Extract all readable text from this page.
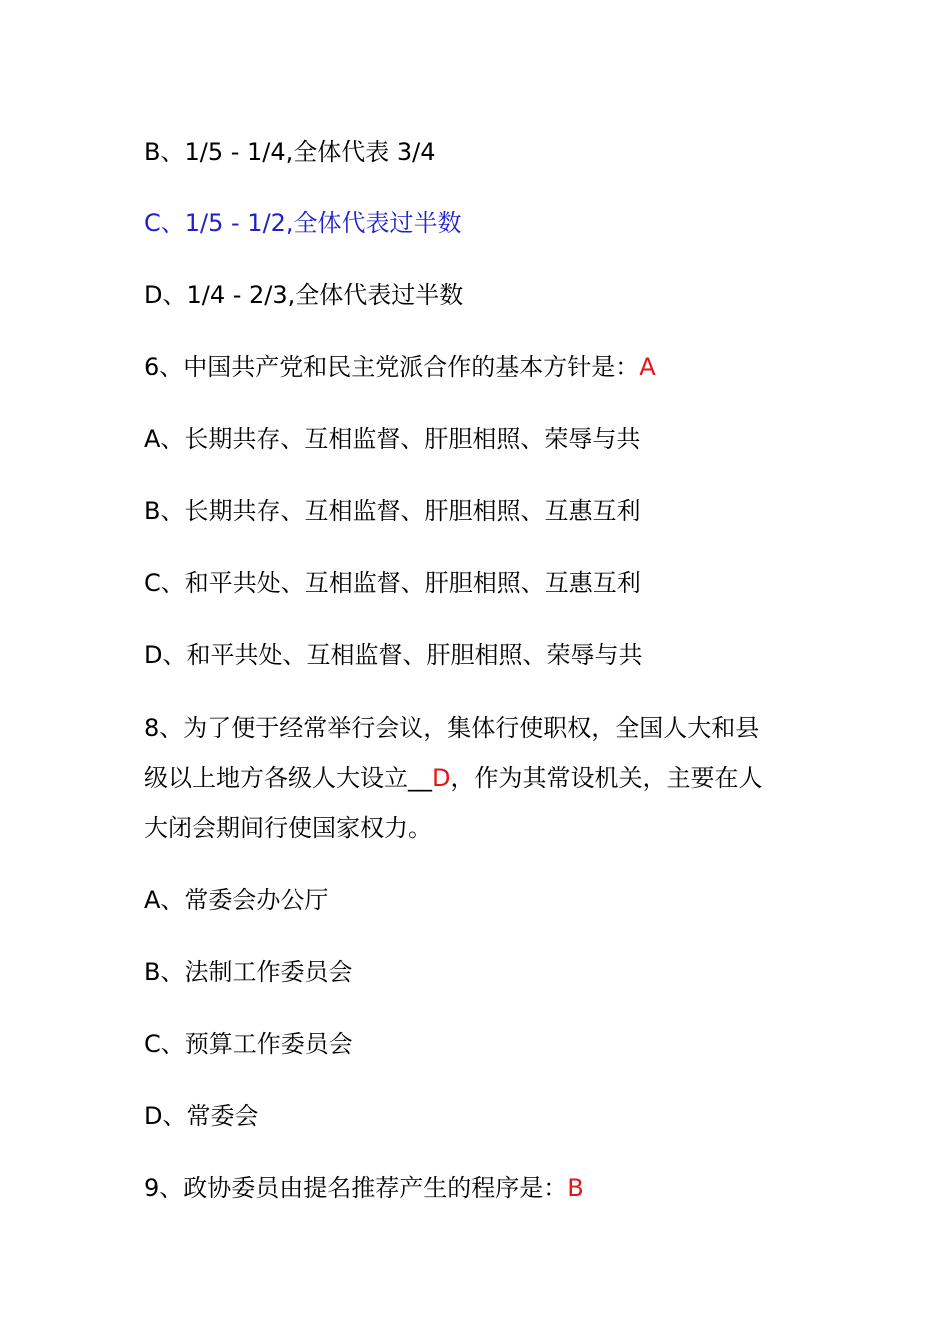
B、1/5 - 1/4,全体代表 3/4
C、1/5 - 1/2,全体代表过半数
D、1/4 - 2/3,全体代表过半数
6、中国共产党和民主党派合作的基本方针是：A
A、长期共存、互相监督、肝胆相照、荣辱与共
B、长期共存、互相监督、肝胆相照、互惠互利
C、和平共处、互相监督、肝胆相照、互惠互利
D、和平共处、互相监督、肝胆相照、荣辱与共
8、为了便于经常举行会议，集体行使职权，全国人大和县
级以上地方各级人大设立__D，作为其常设机关，主要在人
大闭会期间行使国家权力。
A、常委会办公厅
B、法制工作委员会
C、预算工作委员会
D、常委会
9、政协委员由提名推荐产生的程序是：B
